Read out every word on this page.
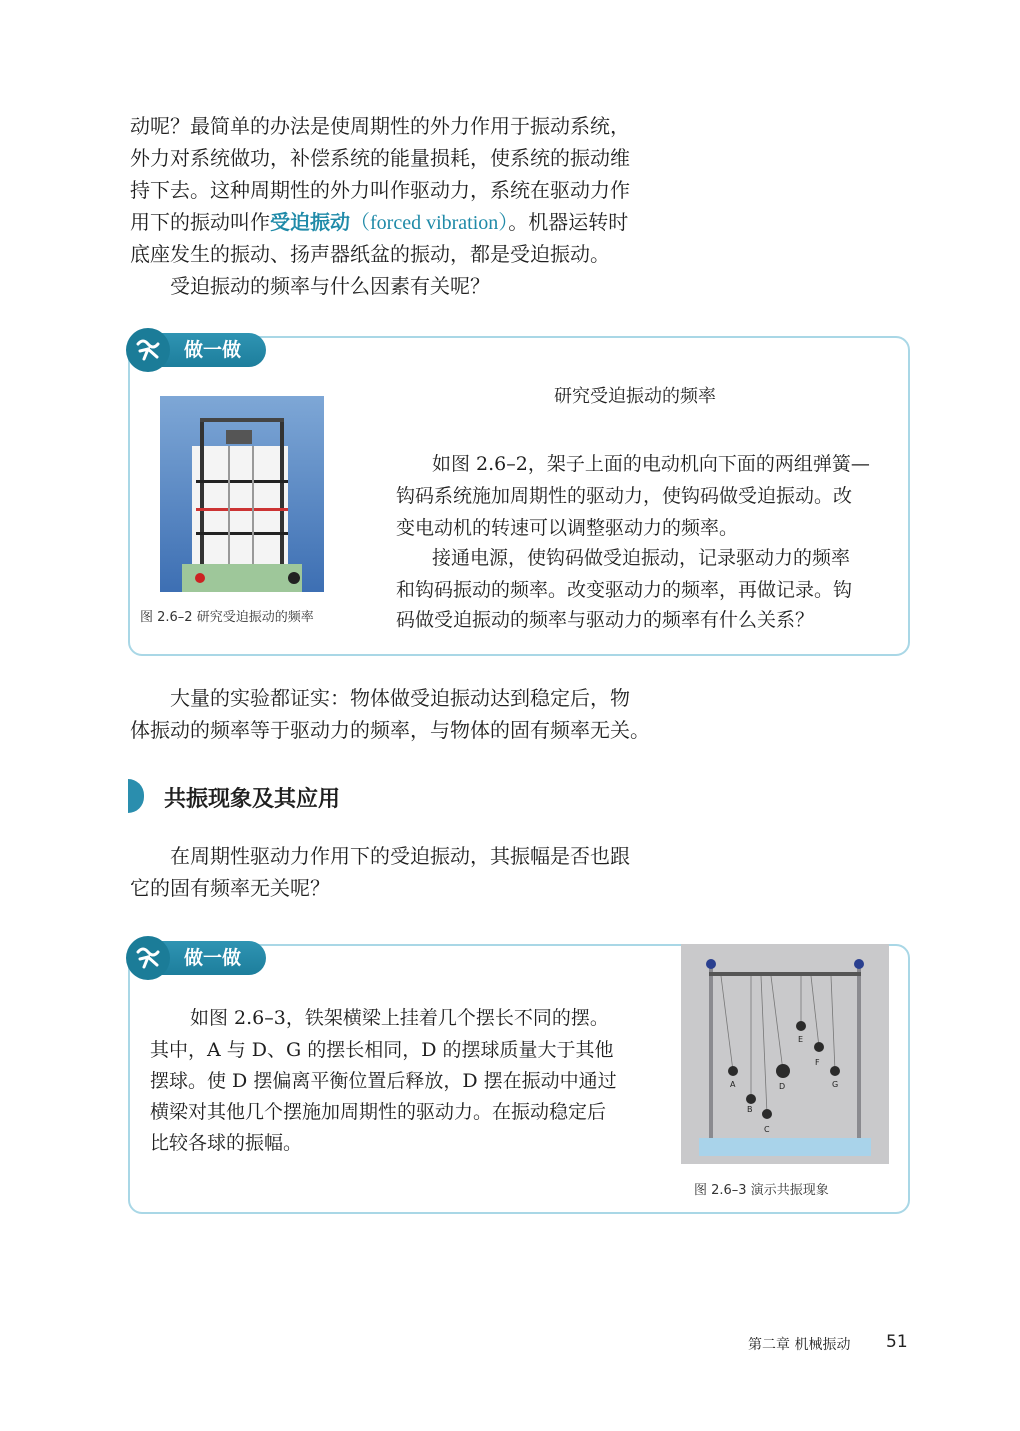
动呢？最简单的办法是使周期性的外力作用于振动系统，

外力对系统做功，补偿系统的能量损耗，使系统的振动维

持下去。这种周期性的外力叫作驱动力，系统在驱动力作

用下的振动叫作受迫振动（forced vibration）。机器运转时

底座发生的振动、扬声器纸盆的振动，都是受迫振动。

受迫振动的频率与什么因素有关呢？

做一做
图 2.6–2 研究受迫振动的频率

研究受迫振动的频率

如图 2.6–2，架子上面的电动机向下面的两组弹簧—

钩码系统施加周期性的驱动力，使钩码做受迫振动。改

变电动机的转速可以调整驱动力的频率。

接通电源，使钩码做受迫振动，记录驱动力的频率

和钩码振动的频率。改变驱动力的频率，再做记录。钩

码做受迫振动的频率与驱动力的频率有什么关系？

大量的实验都证实：物体做受迫振动达到稳定后，物

体振动的频率等于驱动力的频率，与物体的固有频率无关。

共振现象及其应用

在周期性驱动力作用下的受迫振动，其振幅是否也跟

它的固有频率无关呢？

做一做

如图 2.6–3，铁架横梁上挂着几个摆长不同的摆。

其中，A 与 D、G 的摆长相同，D 的摆球质量大于其他

摆球。使 D 摆偏离平衡位置后释放，D 摆在振动中通过

横梁对其他几个摆施加周期性的驱动力。在振动稳定后

比较各球的振幅。

A
B
C
D
E
F
G
图 2.6–3 演示共振现象
第二章 机械振动 51
